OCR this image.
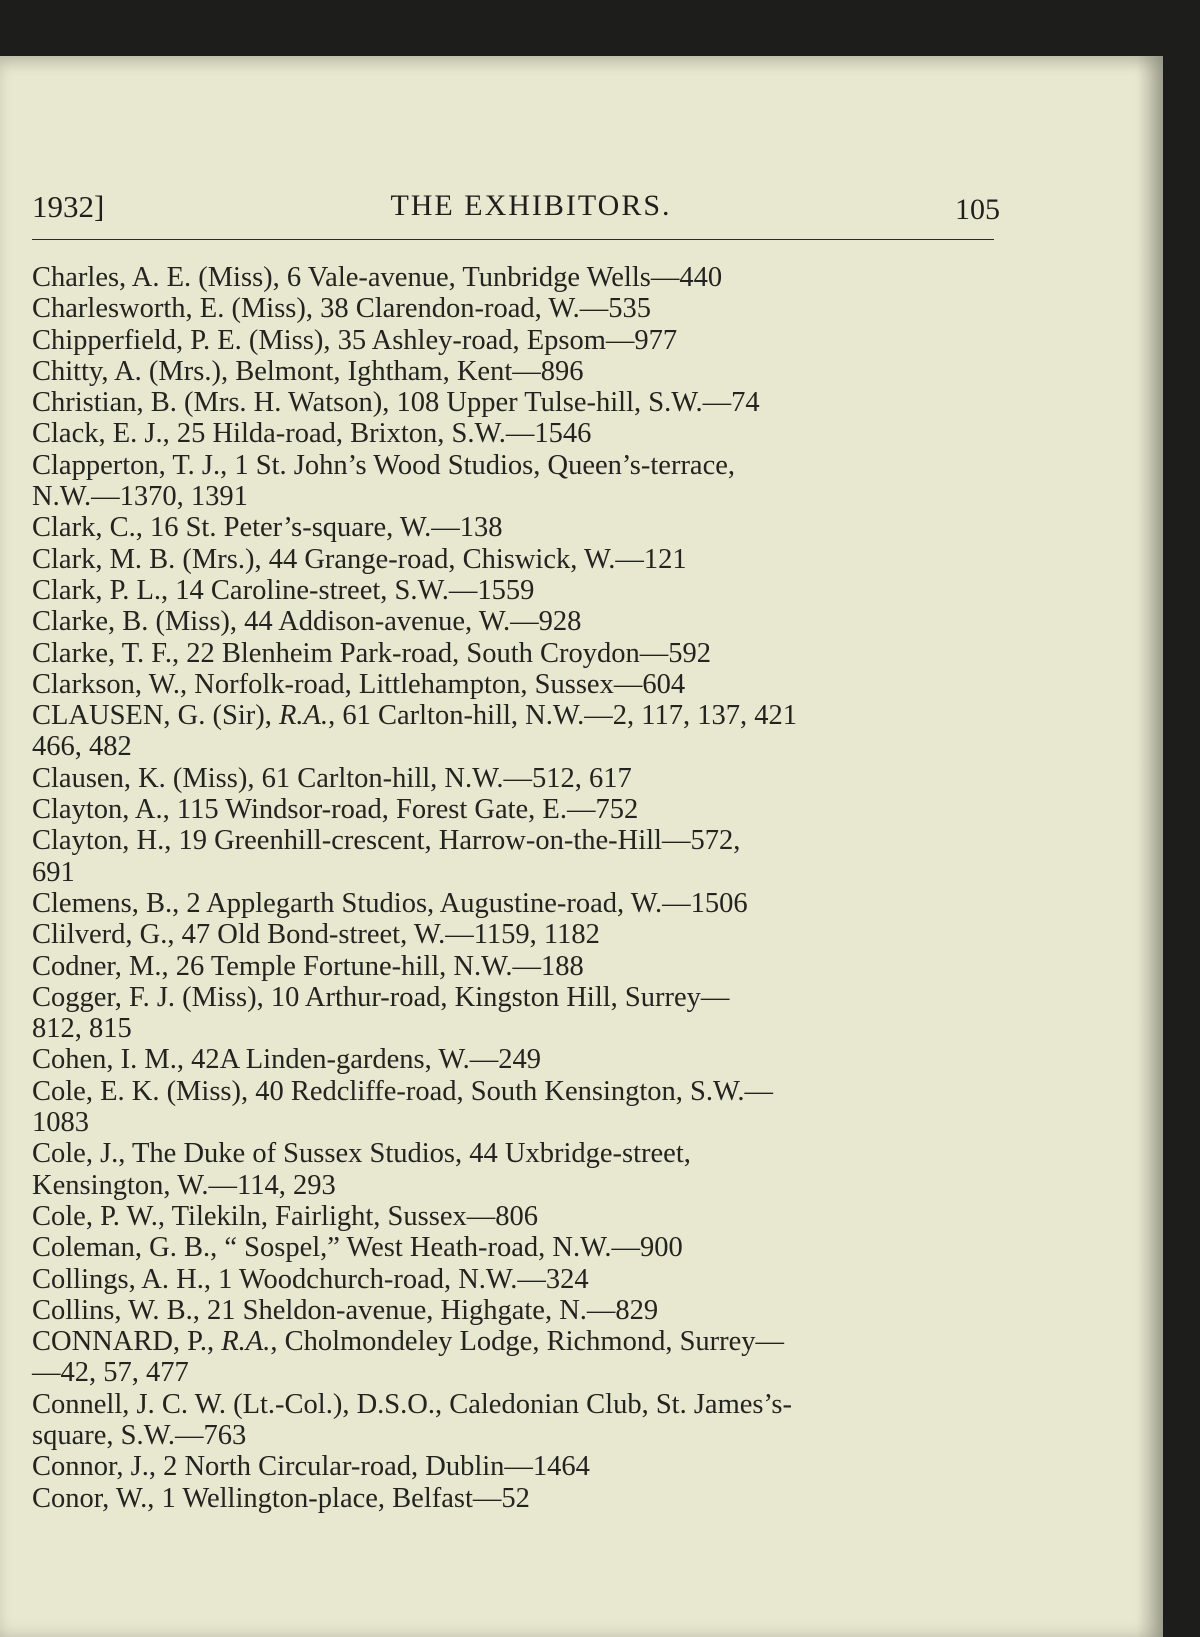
1932]	THE EXHIBITORS.	105
Charles, A. E. (Miss), 6 Vale-avenue, Tunbridge Wells—440
Charlesworth, E. (Miss), 38 Clarendon-road, W.—535
Chipperfield, P. E. (Miss), 35 Ashley-road, Epsom—977
Chitty, A. (Mrs.), Belmont, Ightham, Kent—896
Christian, B. (Mrs. H. Watson), 108 Upper Tulse-hill, S.W.—74
Clack, E. J., 25 Hilda-road, Brixton, S.W.—1546
Clapperton, T. J., 1 St. John’s Wood Studios, Queen’s-terrace,
N.W.—1370, 1391
Clark, C., 16 St. Peter’s-square, W.—138
Clark, M. B. (Mrs.), 44 Grange-road, Chiswick, W.—121
Clark, P. L., 14 Caroline-street, S.W.—1559
Clarke, B. (Miss), 44 Addison-avenue, W.—928
Clarke, T. F., 22 Blenheim Park-road, South Croydon—592
Clarkson, W., Norfolk-road, Littlehampton, Sussex—604
CLAUSEN, G. (Sir), R.A., 61 Carlton-hill, N.W.—2, 117, 137, 421
466, 482
Clausen, K. (Miss), 61 Carlton-hill, N.W.—512, 617
Clayton, A., 115 Windsor-road, Forest Gate, E.—752
Clayton, H., 19 Greenhill-crescent, Harrow-on-the-Hill—572,
691
Clemens, B., 2 Applegarth Studios, Augustine-road, W.—1506
Clilverd, G., 47 Old Bond-street, W.—1159, 1182
Codner, M., 26 Temple Fortune-hill, N.W.—188
Cogger, F. J. (Miss), 10 Arthur-road, Kingston Hill, Surrey—
812, 815
Cohen, I. M., 42A Linden-gardens, W.—249
Cole, E. K. (Miss), 40 Redcliffe-road, South Kensington, S.W.—
1083
Cole, J., The Duke of Sussex Studios, 44 Uxbridge-street,
Kensington, W.—114, 293
Cole, P. W., Tilekiln, Fairlight, Sussex—806
Coleman, G. B., “ Sospel,” West Heath-road, N.W.—900
Collings, A. H., 1 Woodchurch-road, N.W.—324
Collins, W. B., 21 Sheldon-avenue, Highgate, N.—829
CONNARD, P., R.A., Cholmondeley Lodge, Richmond, Surrey—
—42, 57, 477
Connell, J. C. W. (Lt.-Col.), D.S.O., Caledonian Club, St. James’s-
square, S.W.—763
Connor, J., 2 North Circular-road, Dublin—1464
Conor, W., 1 Wellington-place, Belfast—52
